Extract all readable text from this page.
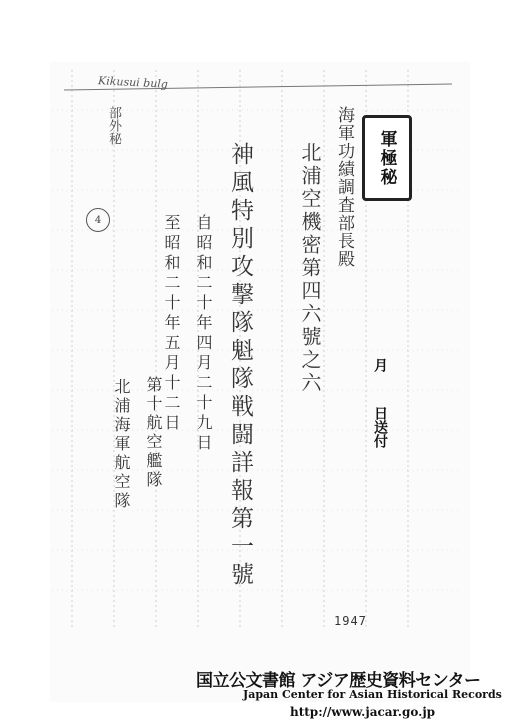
Kikusui bulg
部外秘
4
軍極秘
海軍功績調査部長殿
北浦空機密第四六號之六
神風特別攻撃隊魁隊戦闘詳報第一號
自昭和二十年四月二十九日
至昭和二十年五月十二日
第十航空艦隊
北浦海軍航空隊
月
日送付
1947
国立公文書館 アジア歴史資料センター
Japan Center for Asian Historical Records
http://www.jacar.go.jp
